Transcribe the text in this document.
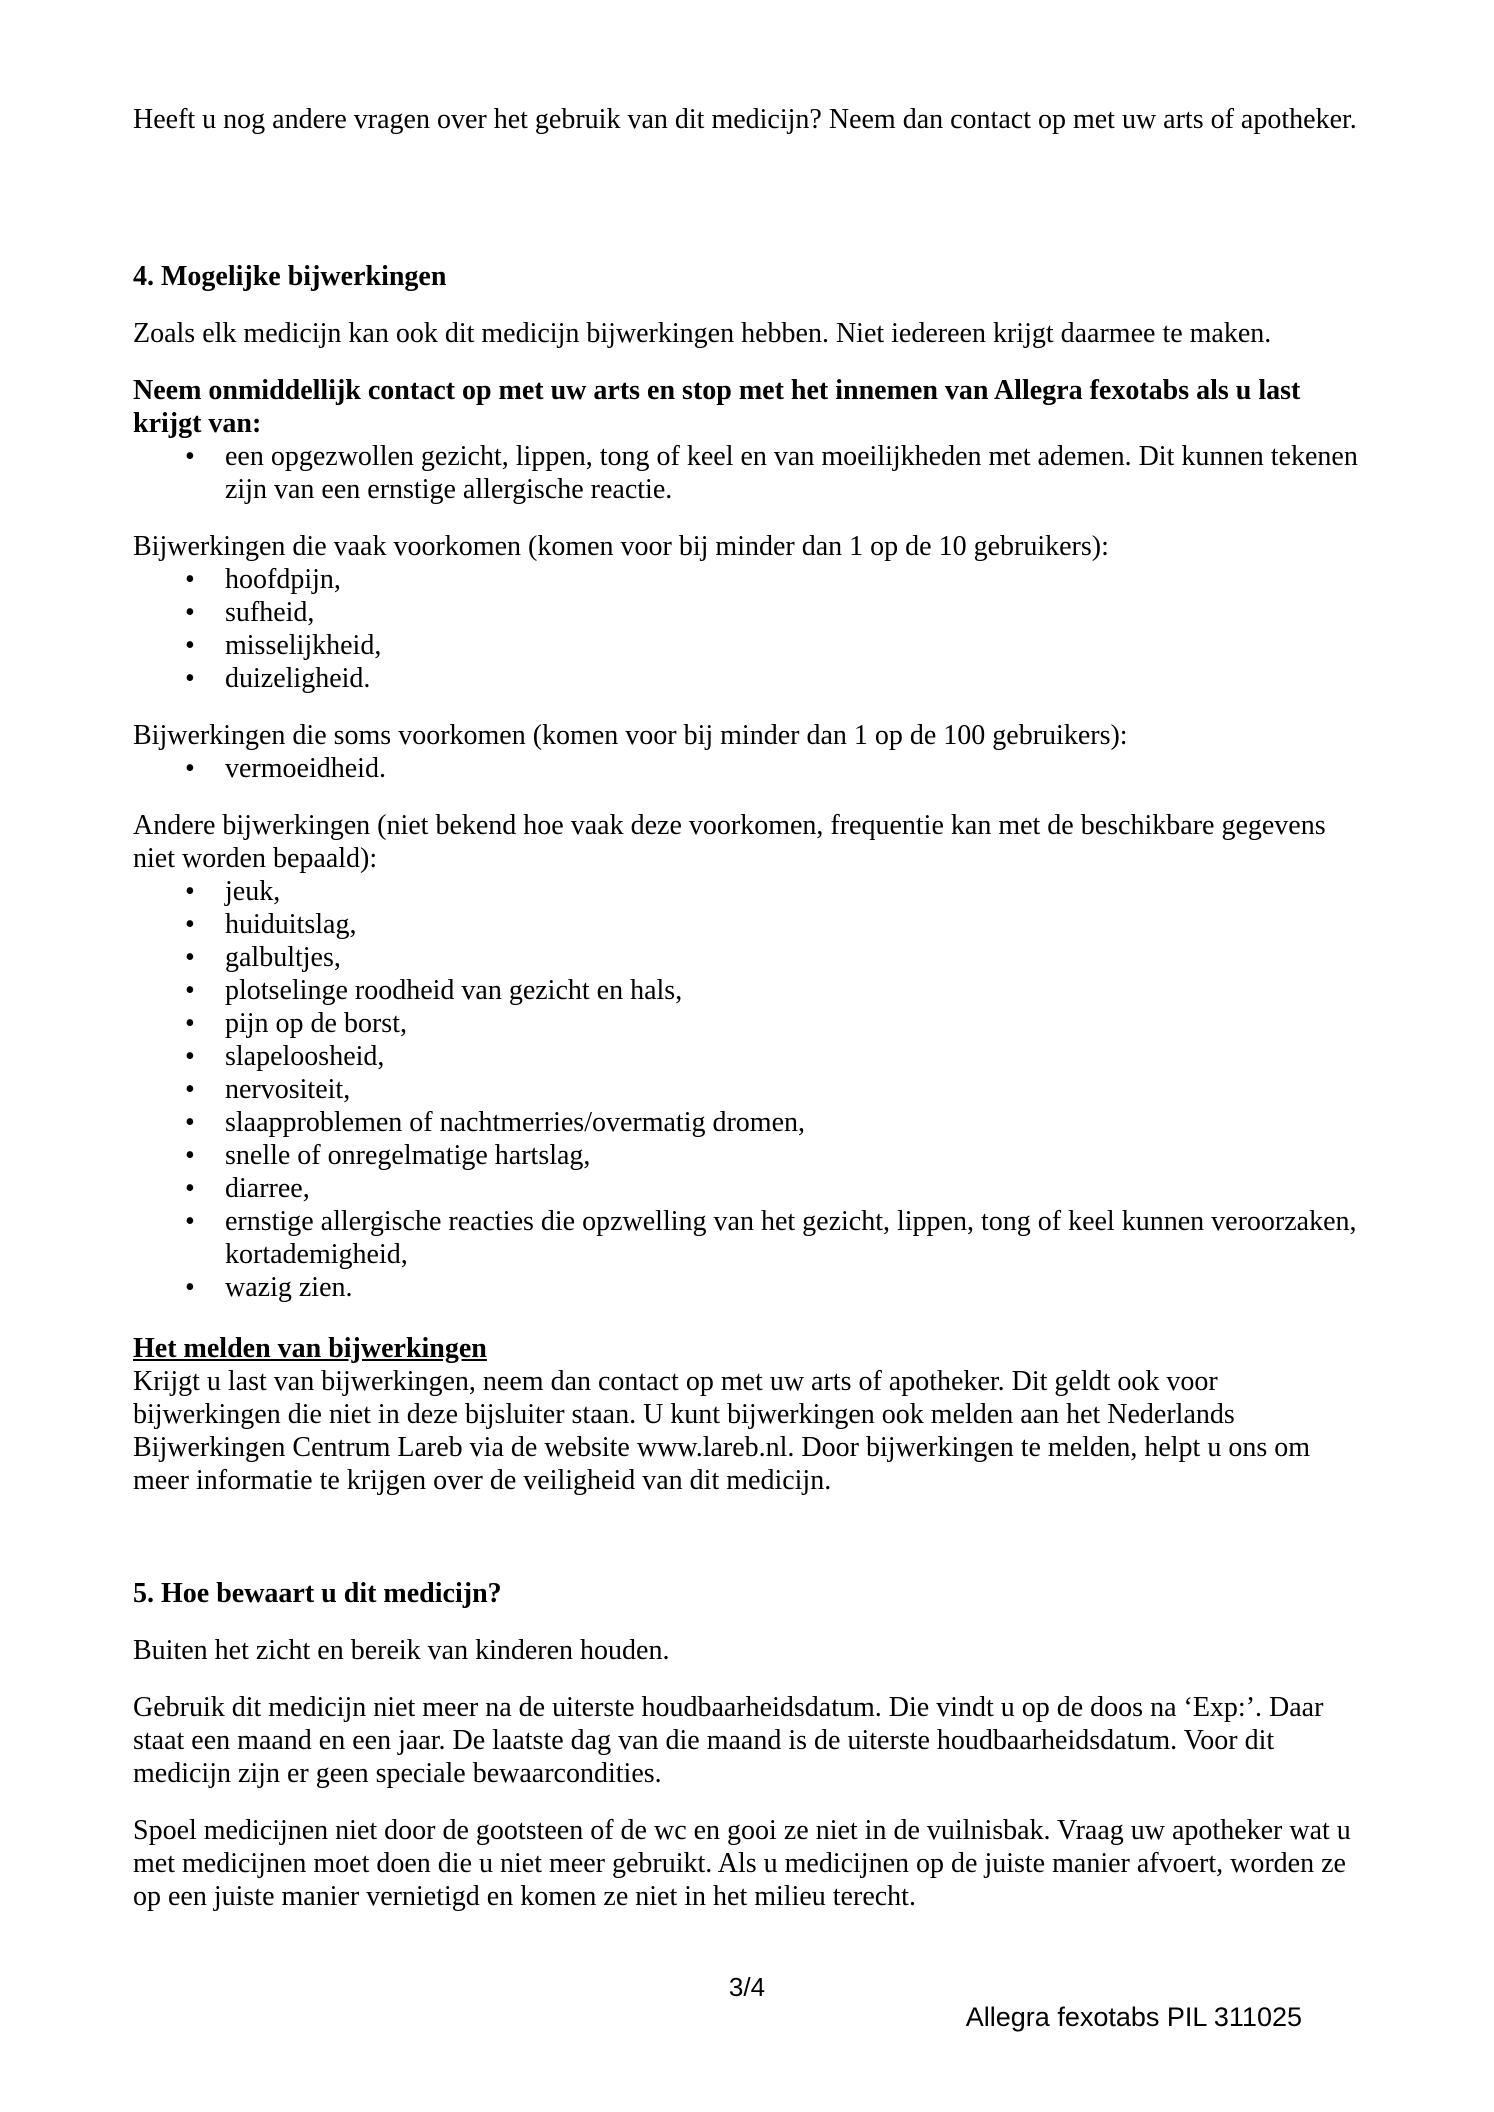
Heeft u nog andere vragen over het gebruik van dit medicijn? Neem dan contact op met uw arts of apotheker.

4. Mogelijke bijwerkingen

Zoals elk medicijn kan ook dit medicijn bijwerkingen hebben. Niet iedereen krijgt daarmee te maken.

Neem onmiddellijk contact op met uw arts en stop met het innemen van Allegra fexotabs als u last krijgt van:

• een opgezwollen gezicht, lippen, tong of keel en van moeilijkheden met ademen. Dit kunnen tekenen zijn van een ernstige allergische reactie.

Bijwerkingen die vaak voorkomen (komen voor bij minder dan 1 op de 10 gebruikers):

• hoofdpijn,
• sufheid,
• misselijkheid,
• duizeligheid.

Bijwerkingen die soms voorkomen (komen voor bij minder dan 1 op de 100 gebruikers):

• vermoeidheid.

Andere bijwerkingen (niet bekend hoe vaak deze voorkomen, frequentie kan met de beschikbare gegevens niet worden bepaald):

• jeuk,
• huiduitslag,
• galbultjes,
• plotselinge roodheid van gezicht en hals,
• pijn op de borst,
• slapeloosheid,
• nervositeit,
• slaapproblemen of nachtmerries/overmatig dromen,
• snelle of onregelmatige hartslag,
• diarree,
• ernstige allergische reacties die opzwelling van het gezicht, lippen, tong of keel kunnen veroorzaken, kortademigheid,
• wazig zien.

Het melden van bijwerkingen

Krijgt u last van bijwerkingen, neem dan contact op met uw arts of apotheker. Dit geldt ook voor bijwerkingen die niet in deze bijsluiter staan. U kunt bijwerkingen ook melden aan het Nederlands Bijwerkingen Centrum Lareb via de website www.lareb.nl. Door bijwerkingen te melden, helpt u ons om meer informatie te krijgen over de veiligheid van dit medicijn.

5. Hoe bewaart u dit medicijn?

Buiten het zicht en bereik van kinderen houden.

Gebruik dit medicijn niet meer na de uiterste houdbaarheidsdatum. Die vindt u op de doos na ‘Exp:’. Daar staat een maand en een jaar. De laatste dag van die maand is de uiterste houdbaarheidsdatum. Voor dit medicijn zijn er geen speciale bewaarcondities.

Spoel medicijnen niet door de gootsteen of de wc en gooi ze niet in de vuilnisbak. Vraag uw apotheker wat u met medicijnen moet doen die u niet meer gebruikt. Als u medicijnen op de juiste manier afvoert, worden ze op een juiste manier vernietigd en komen ze niet in het milieu terecht.

3/4
Allegra fexotabs PIL 311025
